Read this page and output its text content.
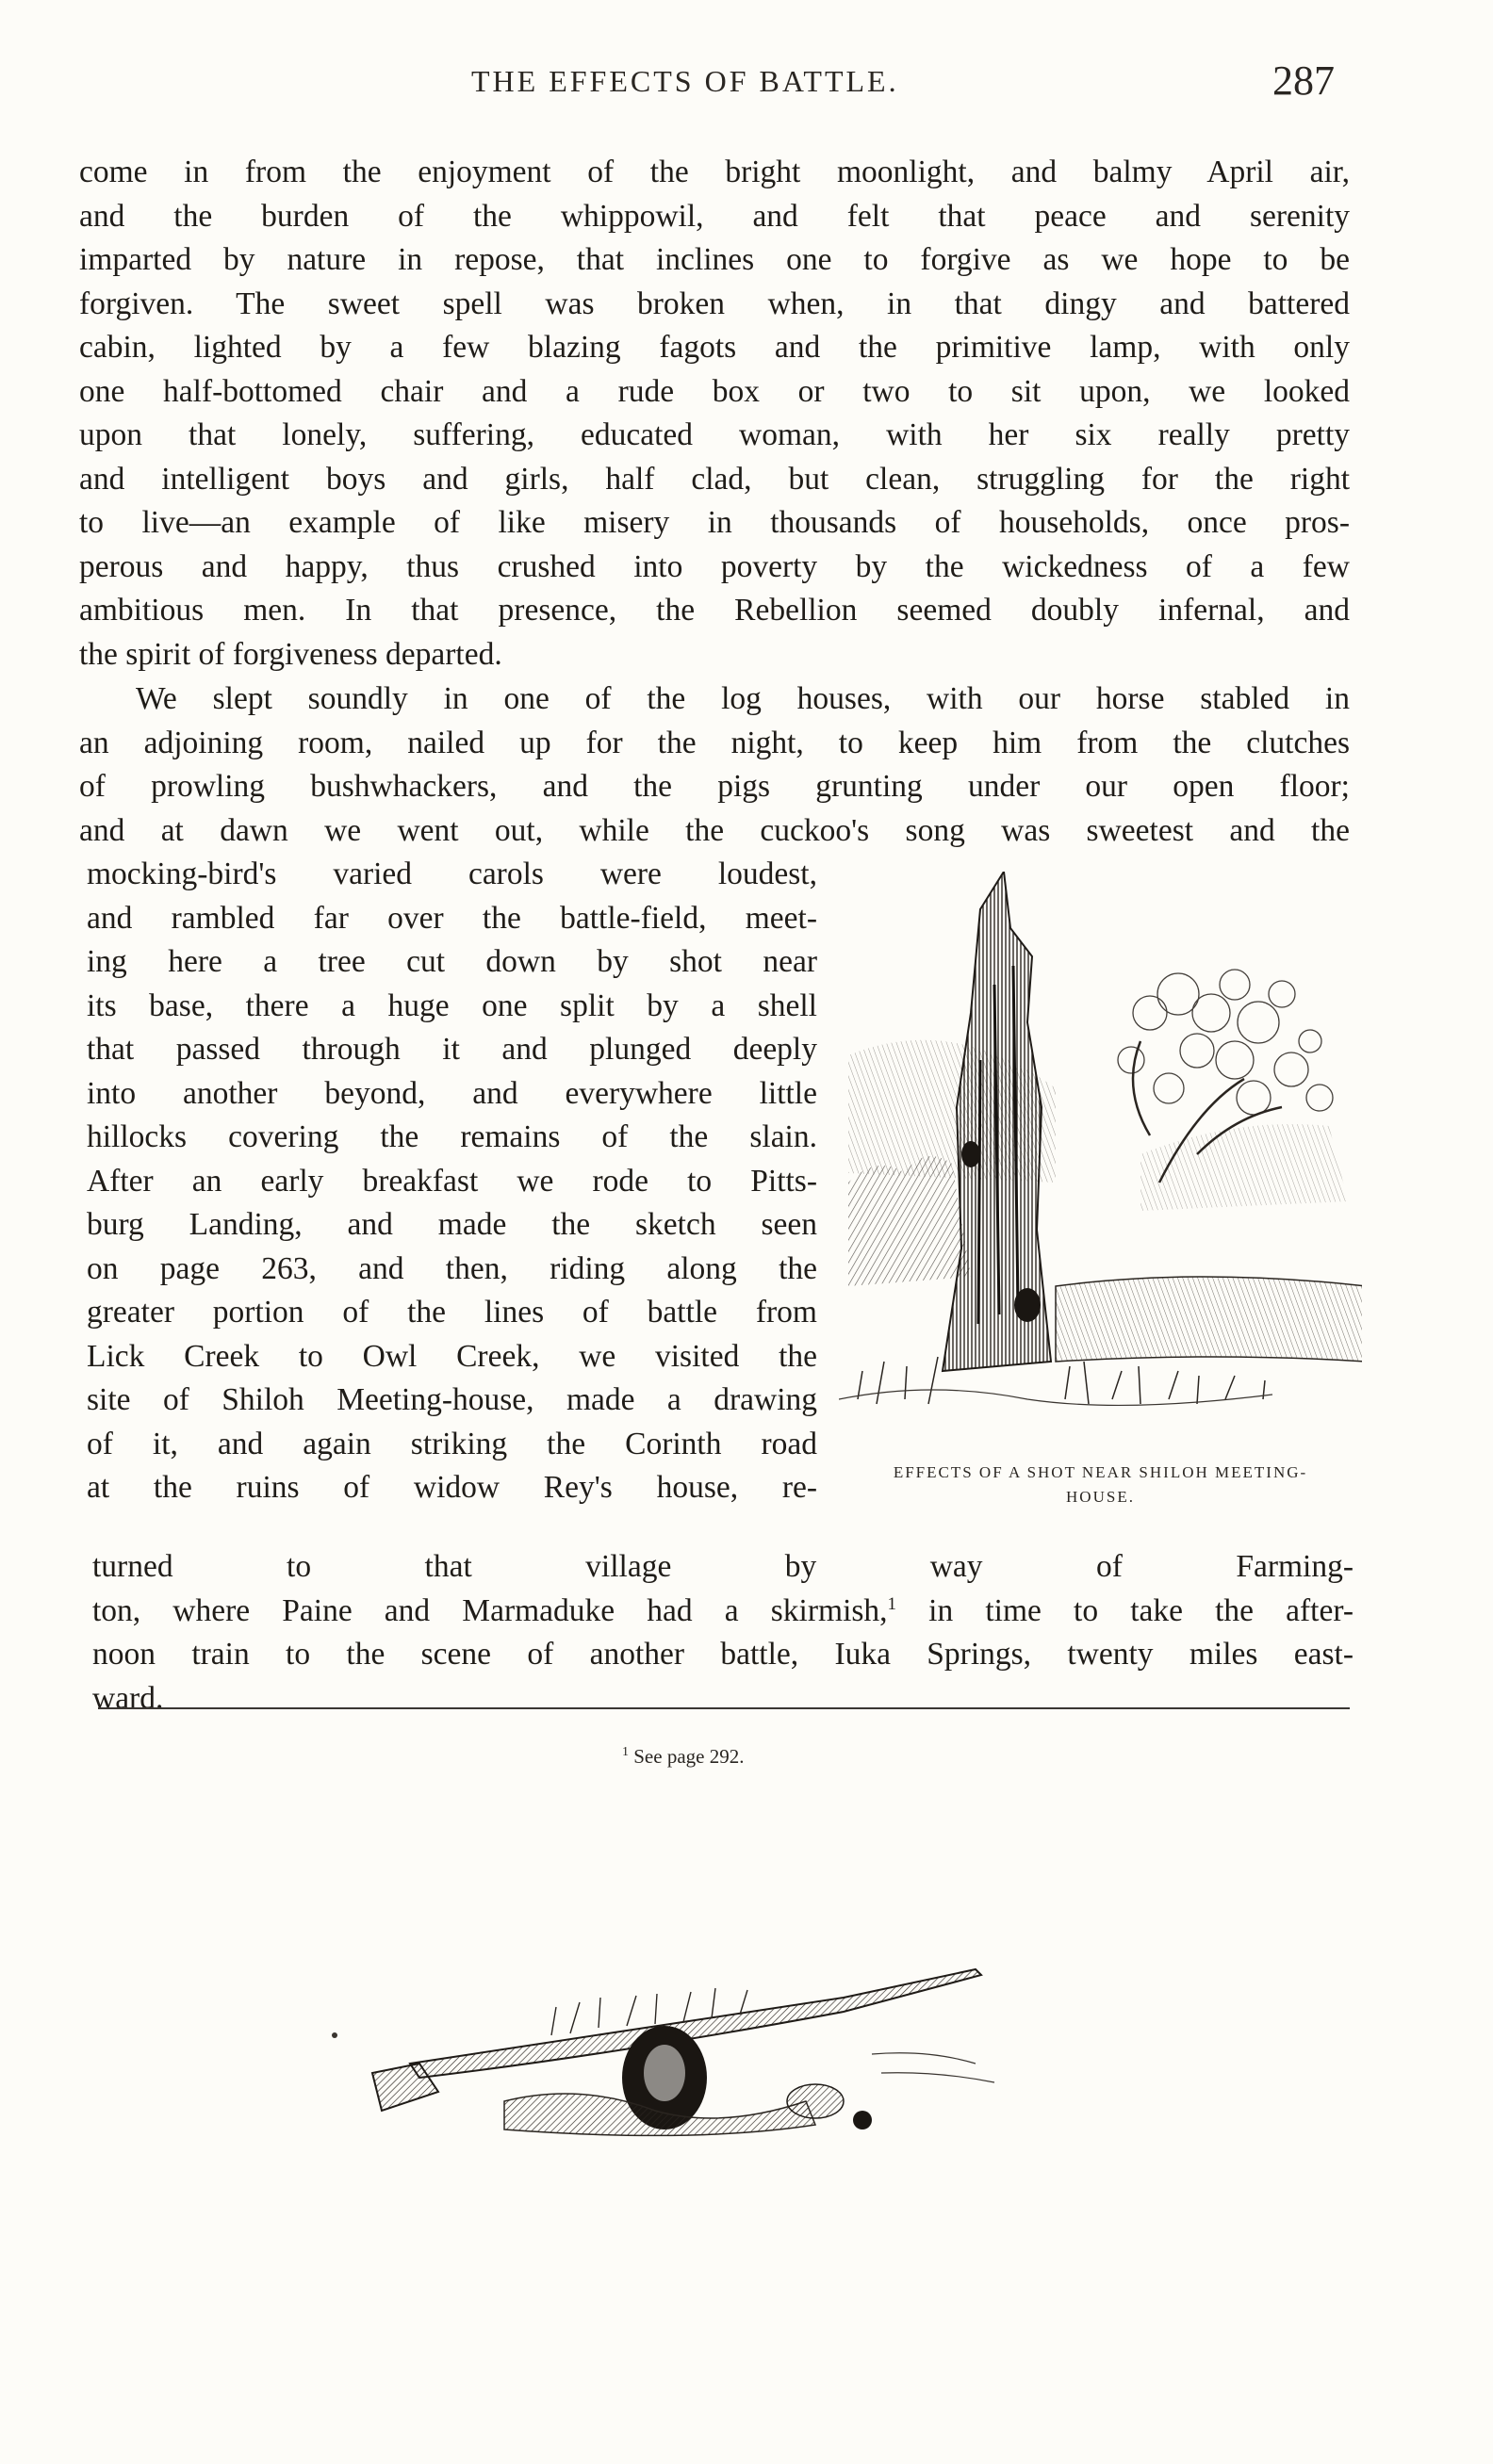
THE EFFECTS OF BATTLE.	287
come in from the enjoyment of the bright moonlight, and balmy April air,
and the burden of the whippowil, and felt that peace and serenity
imparted by nature in repose, that inclines one to forgive as we hope to be
forgiven. The sweet spell was broken when, in that dingy and battered
cabin, lighted by a few blazing fagots and the primitive lamp, with only
one half-bottomed chair and a rude box or two to sit upon, we looked
upon that lonely, suffering, educated woman, with her six really pretty
and intelligent boys and girls, half clad, but clean, struggling for the right
to live—an example of like misery in thousands of households, once pros-
perous and happy, thus crushed into poverty by the wickedness of a few
ambitious men. In that presence, the Rebellion seemed doubly infernal, and
the spirit of forgiveness departed.
We slept soundly in one of the log houses, with our horse stabled in
an adjoining room, nailed up for the night, to keep him from the clutches
of prowling bushwhackers, and the pigs grunting under our open floor;
and at dawn we went out, while the cuckoo's song was sweetest and the
mocking-bird's varied carols were loudest,
and rambled far over the battle-field, meet-
ing here a tree cut down by shot near
its base, there a huge one split by a shell
that passed through it and plunged deeply
into another beyond, and everywhere little
hillocks covering the remains of the slain.
After an early breakfast we rode to Pitts-
burg Landing, and made the sketch seen
on page 263, and then, riding along the
greater portion of the lines of battle from
Lick Creek to Owl Creek, we visited the
site of Shiloh Meeting-house, made a drawing
of it, and again striking the Corinth road
at the ruins of widow Rey's house, re-	EFFECTS OF A SHOT NEAR SHILOH MEETING-
HOUSE.
turned to that village by way of Farming-
ton, where Paine and Marmaduke had a skirmish,$^1$ in time to take the after-
noon train to the scene of another battle, Iuka Springs, twenty miles east-
ward.
$^1$ See page 292.
